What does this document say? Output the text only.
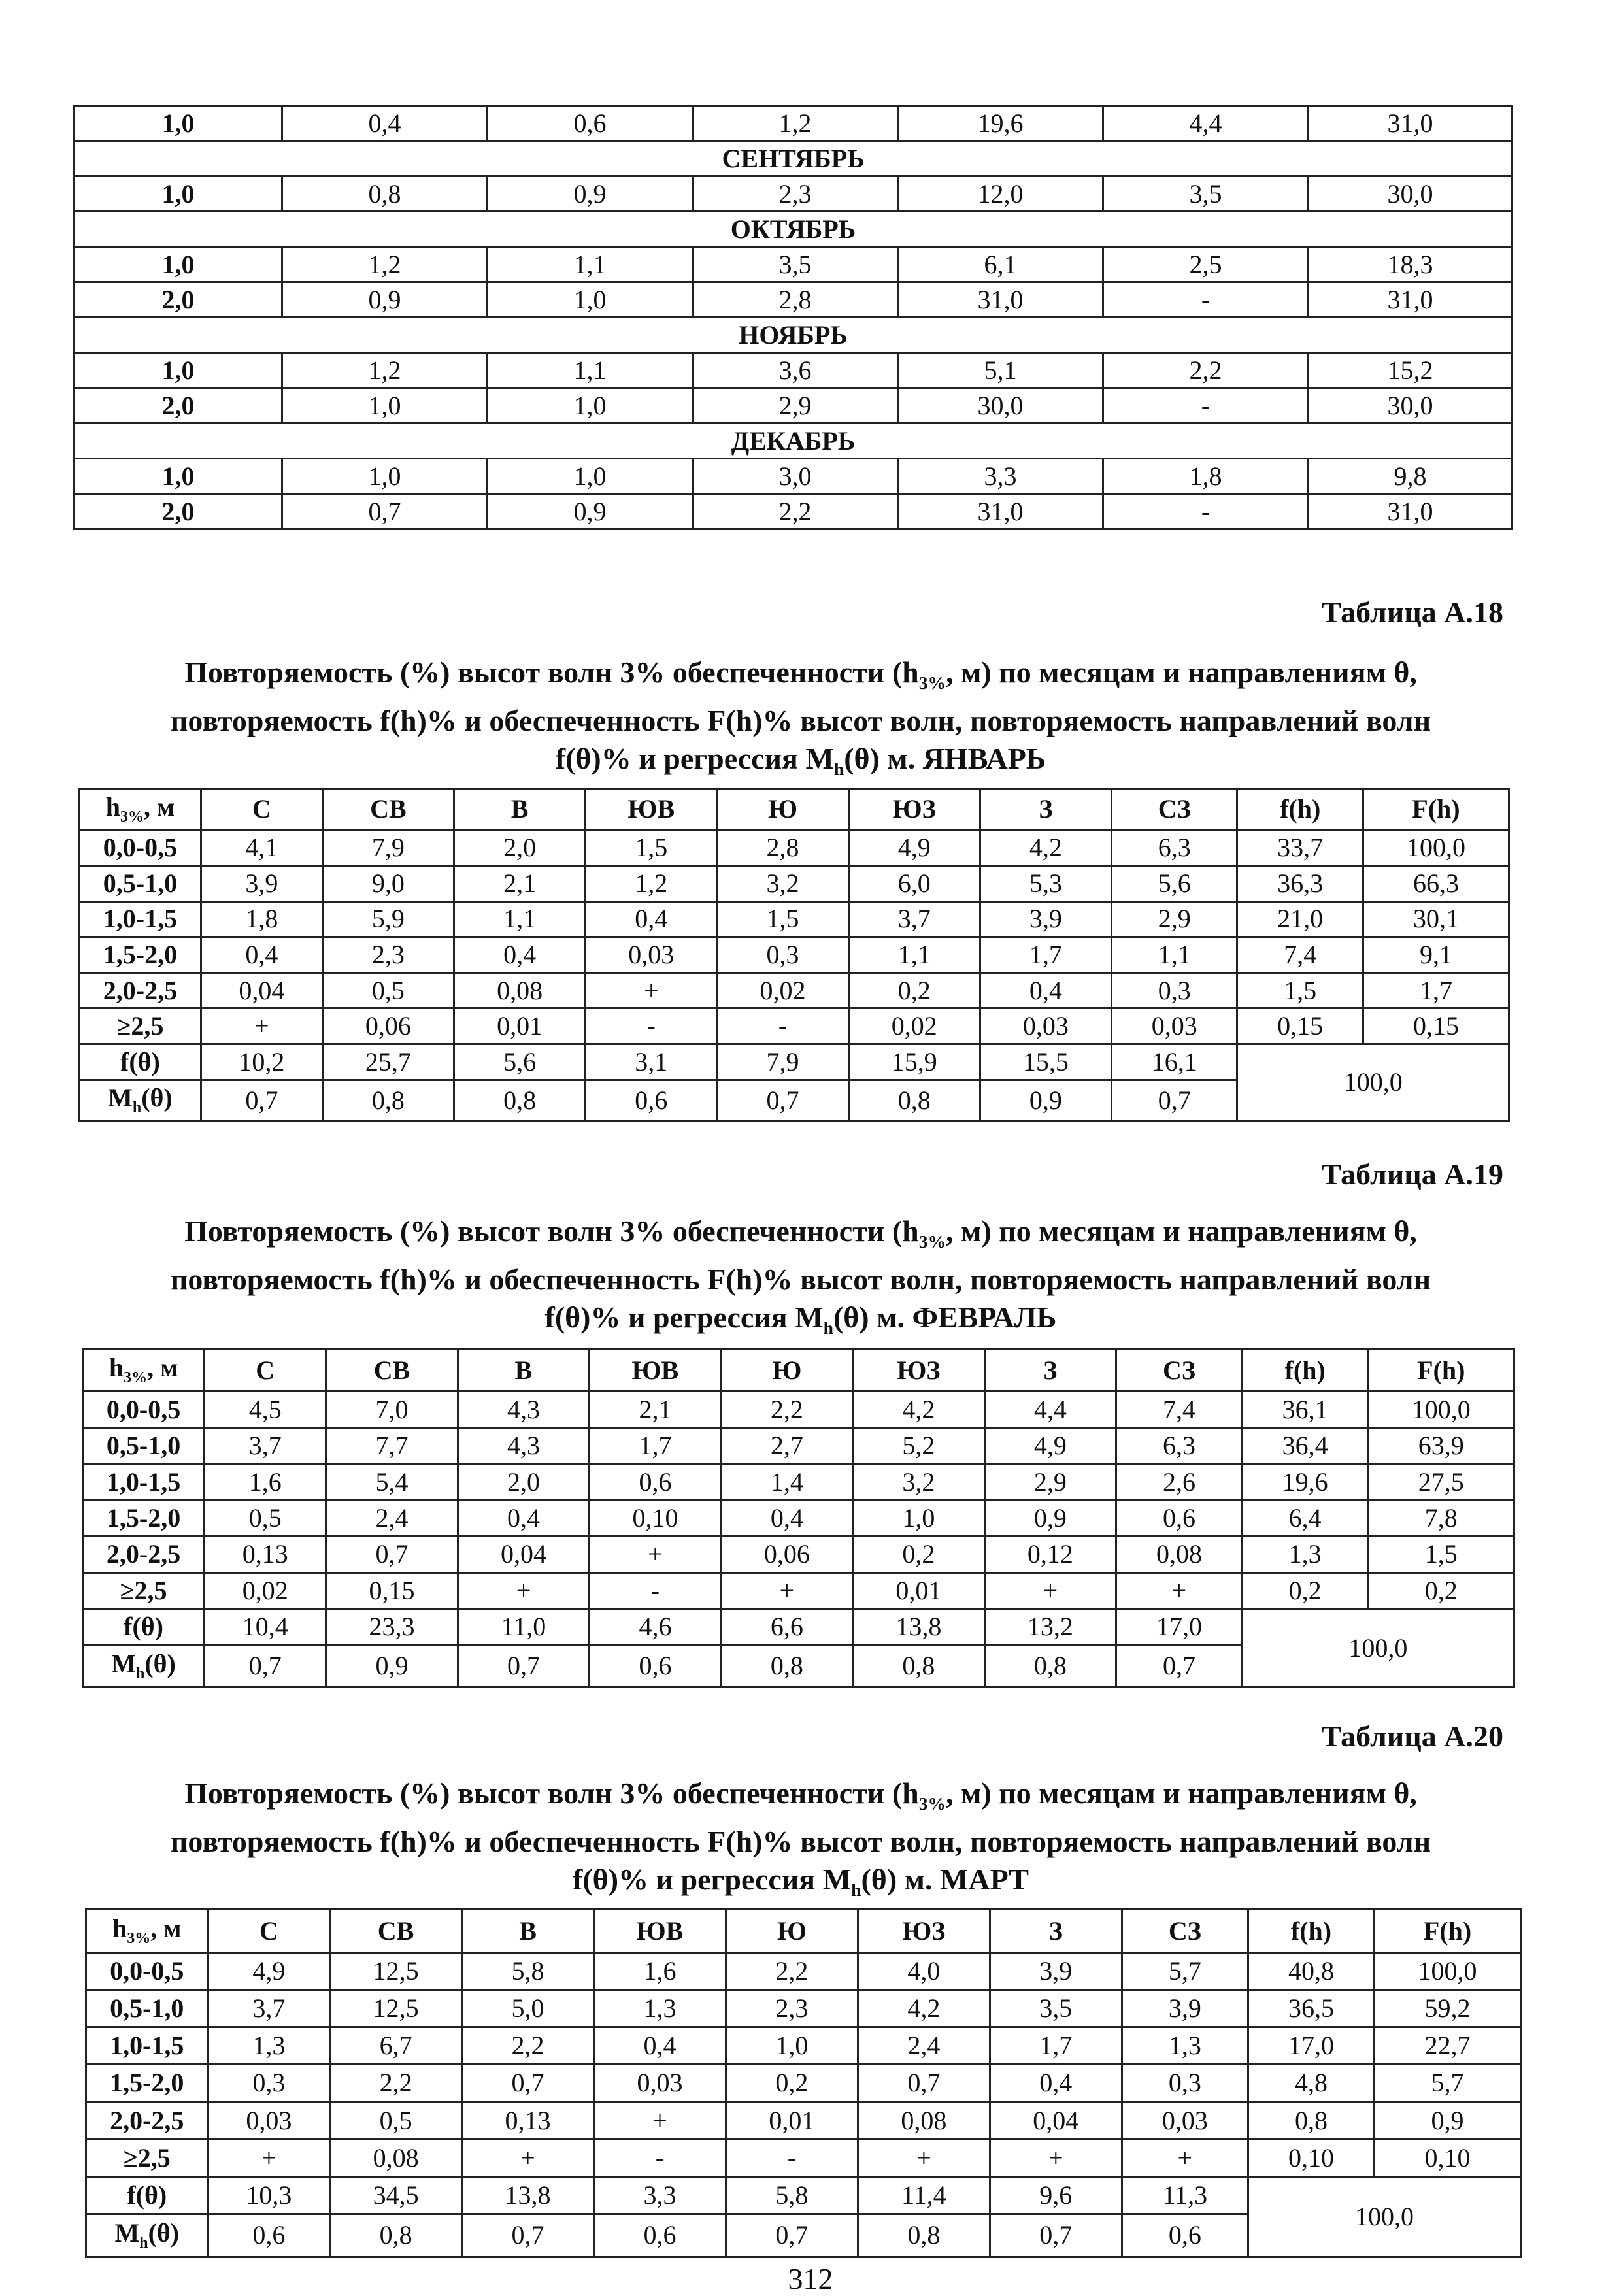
1,0	0,4	0,6	1,2	19,6	4,4	31,0
СЕНТЯБРЬ						
1,0	0,8	0,9	2,3	12,0	3,5	30,0
ОКТЯБРЬ						
1,0	1,2	1,1	3,5	6,1	2,5	18,3
2,0	0,9	1,0	2,8	31,0	-	31,0
НОЯБРЬ						
1,0	1,2	1,1	3,6	5,1	2,2	15,2
2,0	1,0	1,0	2,9	30,0	-	30,0
ДЕКАБРЬ						
1,0	1,0	1,0	3,0	3,3	1,8	9,8
2,0	0,7	0,9	2,2	31,0	-	31,0
Таблица А.18
Повторяемость (%) высот волн 3% обеспеченности ($h_{3\%}$, м) по месяцам и направлениям θ,
повторяемость f(h)% и обеспеченность F(h)% высот волн, повторяемость направлений волн
f(θ)% и регрессия $M_h(\theta)$ м. ЯНВАРЬ
$h_{3\%}$, м	С	СВ	В	ЮВ	Ю	ЮЗ	З	СЗ	f(h)	F(h)
0,0-0,5	4,1	7,9	2,0	1,5	2,8	4,9	4,2	6,3	33,7	100,0
0,5-1,0	3,9	9,0	2,1	1,2	3,2	6,0	5,3	5,6	36,3	66,3
1,0-1,5	1,8	5,9	1,1	0,4	1,5	3,7	3,9	2,9	21,0	30,1
1,5-2,0	0,4	2,3	0,4	0,03	0,3	1,1	1,7	1,1	7,4	9,1
2,0-2,5	0,04	0,5	0,08	+	0,02	0,2	0,4	0,3	1,5	1,7
≥2,5	+	0,06	0,01	-	-	0,02	0,03	0,03	0,15	0,15
f(θ)	10,2	25,7	5,6	3,1	7,9	15,9	15,5	16,1	100,0	
$M_h(\theta)$	0,7	0,8	0,8	0,6	0,7	0,8	0,9	0,7		
Таблица А.19
Повторяемость (%) высот волн 3% обеспеченности ($h_{3\%}$, м) по месяцам и направлениям θ,
повторяемость f(h)% и обеспеченность F(h)% высот волн, повторяемость направлений волн
f(θ)% и регрессия $M_h(\theta)$ м. ФЕВРАЛЬ
$h_{3\%}$, м	С	СВ	В	ЮВ	Ю	ЮЗ	З	СЗ	f(h)	F(h)
0,0-0,5	4,5	7,0	4,3	2,1	2,2	4,2	4,4	7,4	36,1	100,0
0,5-1,0	3,7	7,7	4,3	1,7	2,7	5,2	4,9	6,3	36,4	63,9
1,0-1,5	1,6	5,4	2,0	0,6	1,4	3,2	2,9	2,6	19,6	27,5
1,5-2,0	0,5	2,4	0,4	0,10	0,4	1,0	0,9	0,6	6,4	7,8
2,0-2,5	0,13	0,7	0,04	+	0,06	0,2	0,12	0,08	1,3	1,5
≥2,5	0,02	0,15	+	-	+	0,01	+	+	0,2	0,2
f(θ)	10,4	23,3	11,0	4,6	6,6	13,8	13,2	17,0	100,0	
$M_h(\theta)$	0,7	0,9	0,7	0,6	0,8	0,8	0,8	0,7		
Таблица А.20
Повторяемость (%) высот волн 3% обеспеченности ($h_{3\%}$, м) по месяцам и направлениям θ,
повторяемость f(h)% и обеспеченность F(h)% высот волн, повторяемость направлений волн
f(θ)% и регрессия $M_h(\theta)$ м. МАРТ
$h_{3\%}$, м	С	СВ	В	ЮВ	Ю	ЮЗ	З	СЗ	f(h)	F(h)
0,0-0,5	4,9	12,5	5,8	1,6	2,2	4,0	3,9	5,7	40,8	100,0
0,5-1,0	3,7	12,5	5,0	1,3	2,3	4,2	3,5	3,9	36,5	59,2
1,0-1,5	1,3	6,7	2,2	0,4	1,0	2,4	1,7	1,3	17,0	22,7
1,5-2,0	0,3	2,2	0,7	0,03	0,2	0,7	0,4	0,3	4,8	5,7
2,0-2,5	0,03	0,5	0,13	+	0,01	0,08	0,04	0,03	0,8	0,9
≥2,5	+	0,08	+	-	-	+	+	+	0,10	0,10
f(θ)	10,3	34,5	13,8	3,3	5,8	11,4	9,6	11,3	100,0	
$M_h(\theta)$	0,6	0,8	0,7	0,6	0,7	0,8	0,7	0,6		
312
